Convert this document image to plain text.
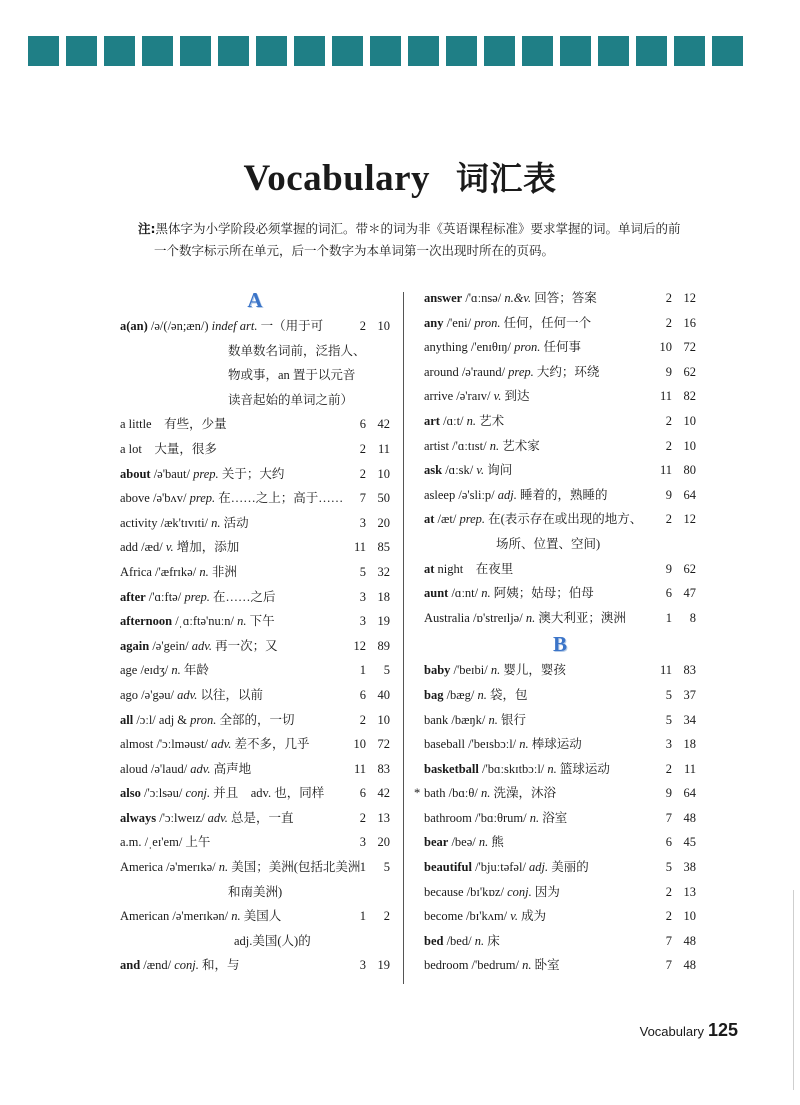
Vocabulary 词汇表
注:黑体字为小学阶段必须掌握的词汇。带＊的词为非《英语课程标准》要求掌握的词。单词后的前
一个数字标示所在单元，后一个数字为本单词第一次出现时所在的页码。
A
a(an) /ə/(/ən;æn/) indef art. 一（用于可	2 10
数单数名词前，泛指人、
物或事，an 置于以元音
读音起始的单词之前）
a little　有些，少量	6 42
a lot　大量，很多	2 11
about /ə'baut/ prep. 关于；大约	2 10
above /ə'bʌv/ prep. 在……之上；高于……	7 50
activity /æk'tɪvɪti/ n. 活动	3 20
add /æd/ v. 增加，添加	11 85
Africa /'æfrɪkə/ n. 非洲	5 32
after /'ɑːftə/ prep. 在……之后	3 18
afternoon /ˌɑːftə'nuːn/ n. 下午	3 19
again /ə'gein/ adv. 再一次；又	12 89
age /eɪdʒ/ n. 年龄	1	5
ago /ə'gəu/ adv. 以往，以前	6 40
all /ɔːl/ adj & pron. 全部的，一切	2 10
almost /'ɔːlməust/ adv. 差不多，几乎	10 72
aloud /ə'laud/ adv. 高声地	11 83
also /'ɔːlsəu/ conj. 并且　adv. 也，同样	6 42
always /'ɔːlweɪz/ adv. 总是，一直	2 13
a.m. /ˌeɪ'em/ 上午	3 20
America /ə'merɪkə/ n. 美国；美洲(包括北美洲 1	5
和南美洲)
American /ə'merɪkən/ n. 美国人	1	2
adj.美国(人)的
and /ænd/ conj. 和，与	3 19
answer /'ɑːnsə/ n.&v. 回答；答案	2 12
any /'eni/ pron. 任何，任何一个	2 16
anything /'enɪθɪŋ/ pron. 任何事	10 72
around /ə'raund/ prep. 大约；环绕	9 62
arrive /ə'raɪv/ v. 到达	11 82
art /ɑːt/ n. 艺术	2 10
artist /'ɑːtɪst/ n. 艺术家	2 10
ask /ɑːsk/ v. 询问	11 80
asleep /ə'sliːp/ adj. 睡着的，熟睡的	9 64
at /æt/ prep. 在(表示存在或出现的地方、	2 12
场所、位置、空间)
at night　在夜里	9 62
aunt /ɑːnt/ n. 阿姨；姑母；伯母	6 47
Australia /ɒ'streɪljə/ n. 澳大利亚；澳洲	1	8
B
baby /'beɪbi/ n. 婴儿，婴孩	11 83
bag /bæg/ n. 袋，包	5 37
bank /bæŋk/ n. 银行	5 34
baseball /'beɪsbɔːl/ n. 棒球运动	3 18
basketball /'bɑːskɪtbɔːl/ n. 篮球运动	2 11
* bath /bɑːθ/ n. 洗澡，沐浴	9 64
bathroom /'bɑːθrum/ n. 浴室	7 48
bear /beə/ n. 熊	6 45
beautiful /'bjuːtəfəl/ adj. 美丽的	5 38
because /bɪ'kɒz/ conj. 因为	2 13
become /bɪ'kʌm/ v. 成为	2 10
bed /bed/ n. 床	7 48
bedroom /'bedrum/ n. 卧室	7 48
Vocabulary 125
